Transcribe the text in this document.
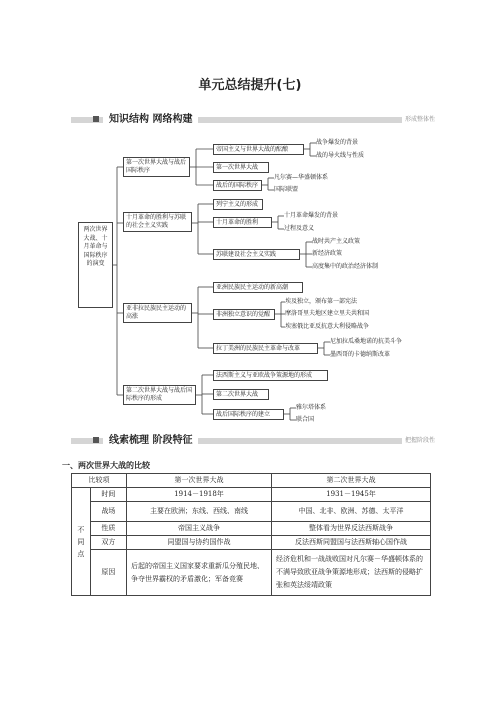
单元总结提升(七)
知识结构 网络构建	形成整体性
两次世界大战、十月革命与国际秩序的演变
第一次世界大战与战后国际秩序
帝国主义与世界大战的酝酿
战争爆发的背景
战的导火线与性质
第一次世界大战
战后的国际秩序
凡尔赛—华盛顿体系
国际联盟
十月革命的胜利与苏联的社会主义实践
列宁主义的形成
十月革命的胜利
十月革命爆发的背景
过程及意义
苏联建设社会主义实践
战时共产主义政策
新经济政策
高度集中的政治经济体制
亚非拉民族民主运动的高涨
亚洲民族民主运动的新高潮
非洲独立意识的觉醒
埃及独立，颁布第一部宪法
摩洛哥里夫地区建立里夫共和国
埃塞俄比亚反抗意大利侵略战争
拉丁美洲的民族民主革命与改革
尼加拉瓜桑地诺的抗美斗争
墨西哥的卡德纳斯改革
第二次世界大战与战后国际秩序的形成
法西斯主义与亚欧战争策源地的形成
第二次世界大战
战后国际秩序的建立
雅尔塔体系
联合国
线索梳理 阶段特征	把握阶段性
一、两次世界大战的比较
比较项		第一次世界大战	第二次世界大战
不同点	时间	1914－1918年	1931－1945年
	战场	主要在欧洲；东线、西线、南线	中国、北非、欧洲、苏德、太平洋
	性质	帝国主义战争	整体看为世界反法西斯战争
	双方	同盟国与协约国作战	反法西斯同盟国与法西斯轴心国作战
	原因	后起的帝国主义国家要求重新瓜分殖民地、争夺世界霸权的矛盾激化；军备竞赛	经济危机和一战战败国对凡尔赛－华盛顿体系的不满导致欧亚战争策源地形成；法西斯的侵略扩张和英法绥靖政策
